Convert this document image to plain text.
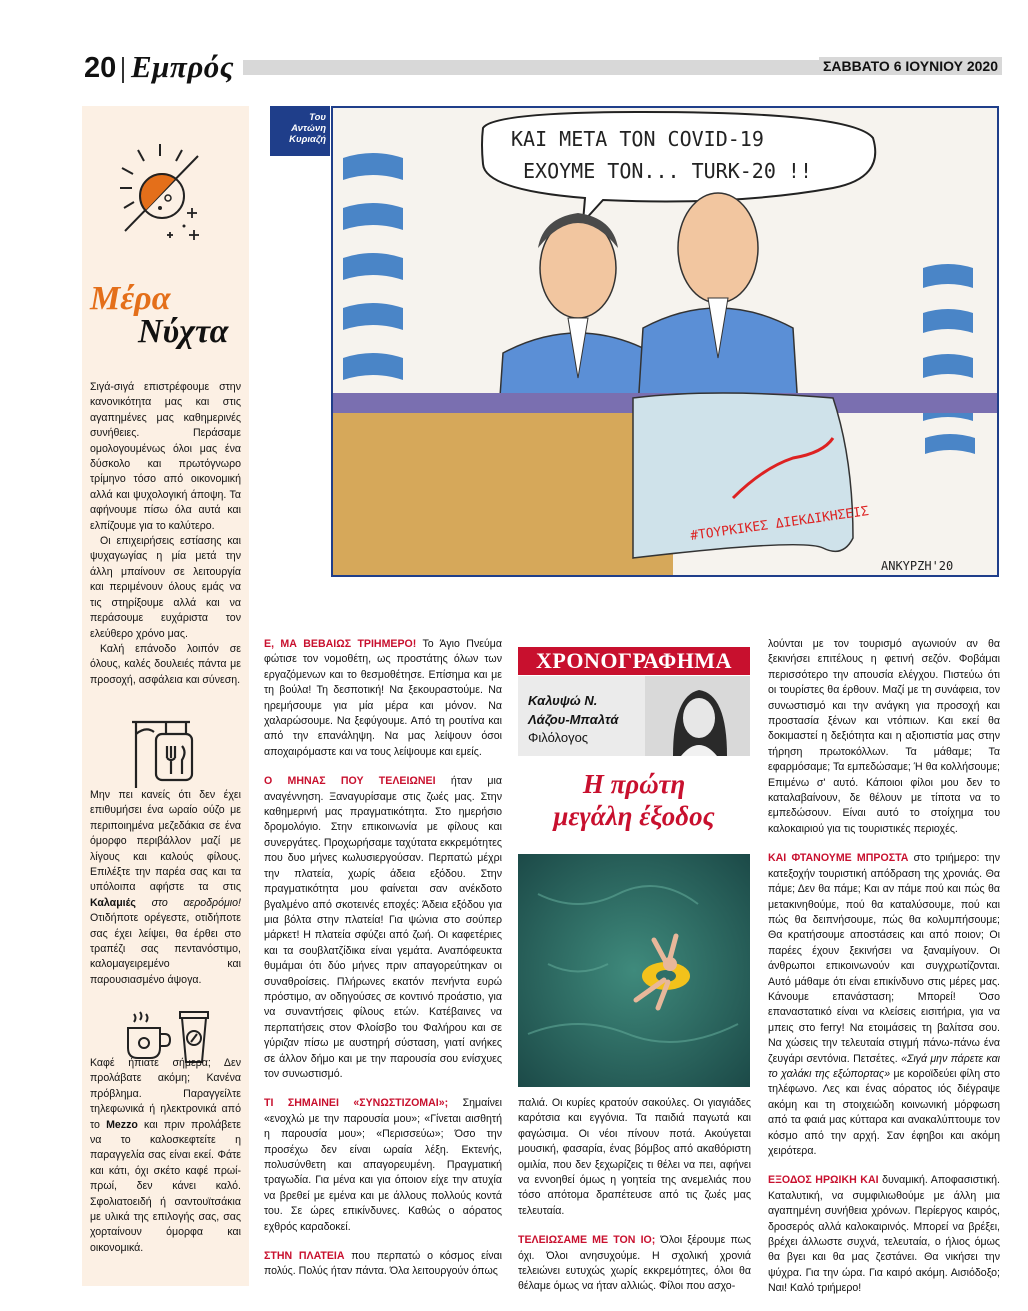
20 Εμπρός	ΣΑΒΒΑΤΟ 6 ΙΟΥΝΙΟΥ 2020

Σιγά-σιγά επιστρέφουμε στην κανονικότητα μας και στις αγαπημένες μας καθημερινές συνήθειες. Περάσαμε ομολογουμένως όλοι μας ένα δύσκολο και πρωτόγνωρο τρίμηνο τόσο από οικονομική αλλά και ψυχολογική άποψη. Τα αφήνουμε πίσω όλα αυτά και ελπίζουμε για το καλύτερο.

Οι επιχειρήσεις εστίασης και ψυχαγωγίας η μία μετά την άλλη μπαίνουν σε λειτουργία και περιμένουν όλους εμάς να τις στηρίξουμε αλλά και να περάσουμε ευχάριστα τον ελεύθερο χρόνο μας.

Καλή επάνοδο λοιπόν σε όλους, καλές δουλειές πάντα με προσοχή, ασφάλεια και σύνεση.

Μην πει κανείς ότι δεν έχει επιθυμήσει ένα ωραίο ούζο με περιποιημένα μεζεδάκια σε ένα όμορφο περιβάλλον μαζί με λίγους και καλούς φίλους. Επιλέξτε την παρέα σας και τα υπόλοιπα αφήστε τα στις Καλαμιές στο αεροδρόμιο! Οτιδήποτε ορέγεστε, οτιδήποτε σας έχει λείψει, θα έρθει στο τραπέζι σας πεντανόστιμο, καλομαγειρεμένο και παρουσιασμένο άψογα.

Καφέ ήπιατε σήμερα; Δεν προλάβατε ακόμη; Κανένα πρόβλημα. Παραγγείλτε τηλεφωνικά ή ηλεκτρονικά από το Mezzo και πριν προλάβετε να το καλοσκεφτείτε η παραγγελία σας είναι εκεί. Φάτε και κάτι, όχι σκέτο καφέ πρωί-πρωί, δεν κάνει καλό. Σφολιατοειδή ή σαντουϊτσάκια με υλικά της επιλογής σας, σας χορταίνουν όμορφα και οικονομικά.

Μέρα
Νύχτα
Του
Αντώνη
Κυριαζή	ΚΑΙ ΜΕΤΑ ΤΟΝ COVID-19
ΕΧΟΥΜΕ ΤΟΝ... TURK-20 !!
#ΤΟΥΡΚΙΚΕΣ ΔΙΕΚΔΙΚΗΣΕΙΣ
ΑΝΚΥΡΖΗ'20

Ε, ΜΑ ΒΕΒΑΙΩΣ ΤΡΙΗΜΕΡΟ! Το Άγιο Πνεύμα φώτισε τον νομοθέτη, ως προστάτης όλων των εργαζόμενων και το θεσμοθέτησε. Επίσημα και με τη βούλα! Τη δεσποτική! Να ξεκουραστούμε. Να ηρεμήσουμε για μία μέρα και μόνον. Να χαλαρώσουμε. Να ξεφύγουμε. Από τη ρουτίνα και από την επανάληψη. Να μας λείψουν όσοι αποχαιρόμαστε και να τους λείψουμε και εμείς.

Ο ΜΗΝΑΣ ΠΟΥ ΤΕΛΕΙΩΝΕΙ ήταν μια αναγέννηση. Ξαναγυρίσαμε στις ζωές μας. Στην καθημερινή μας πραγματικότητα. Στο ημερήσιο δρομολόγιο. Στην επικοινωνία με φίλους και συνεργάτες. Προχωρήσαμε ταχύτατα εκκρεμότητες που δυο μήνες κωλυσιεργούσαν. Περπατώ μέχρι την πλατεία, χωρίς άδεια εξόδου. Στην πραγματικότητα μου φαίνεται σαν ανέκδοτο βγαλμένο από σκοτεινές εποχές: Άδεια εξόδου για μια βόλτα στην πλατεία! Για ψώνια στο σούπερ μάρκετ! Η πλατεία σφύζει από ζωή. Οι καφετέριες και τα σουβλατζίδικα είναι γεμάτα. Αναπόφευκτα θυμάμαι ότι δύο μήνες πριν απαγορεύτηκαν οι συναθροίσεις. Πλήρωνες εκατόν πενήντα ευρώ πρόστιμο, αν οδηγούσες σε κοντινό προάστιο, για να συναντήσεις φίλους ετών. Κατέβαινες να περπατήσεις στον Φλοίσβο του Φαλήρου και σε γύριζαν πίσω με αυστηρή σύσταση, γιατί ανήκες σε άλλον δήμο και με την παρουσία σου ενίσχυες τον συνωστισμό.

ΤΙ ΣΗΜΑΙΝΕΙ «ΣΥΝΩΣΤΙΖΟΜΑΙ»; Σημαίνει «ενοχλώ με την παρουσία μου»; «Γίνεται αισθητή η παρουσία μου»; «Περισσεύω»; Όσο την προσέχω δεν είναι ωραία λέξη. Εκτενής, πολυσύνθετη και απαγορευμένη. Πραγματική τραγωδία. Για μένα και για όποιον είχε την ατυχία να βρεθεί με εμένα και με άλλους πολλούς κοντά του. Σε ώρες επικίνδυνες. Καθώς ο αόρατος εχθρός καραδοκεί.

ΣΤΗΝ ΠΛΑΤΕΙΑ που περπατώ ο κόσμος είναι πολύς. Πολύς ήταν πάντα. Όλα λειτουργούν όπως

ΧΡΟΝΟΓΡΑΦΗΜΑ
Καλυψώ Ν.
Λάζου-Μπαλτά
Φιλόλογος
Η πρώτη
μεγάλη έξοδος

παλιά. Οι κυρίες κρατούν σακούλες. Οι γιαγιάδες καρότσια και εγγόνια. Τα παιδιά παγωτά και φαγώσιμα. Οι νέοι πίνουν ποτά. Ακούγεται μουσική, φασαρία, ένας βόμβος από ακαθόριστη ομιλία, που δεν ξεχωρίζεις τι θέλει να πει, αφήνει να εννοηθεί όμως η γοητεία της ανεμελιάς που τόσο απότομα δραπέτευσε από τις ζωές μας τελευταία.

ΤΕΛΕΙΩΣΑΜΕ ΜΕ ΤΟΝ ΙΟ; Όλοι ξέρουμε πως όχι. Όλοι ανησυχούμε. Η σχολική χρονιά τελειώνει ευτυχώς χωρίς εκκρεμότητες, όλοι θα θέλαμε όμως να ήταν αλλιώς. Φίλοι που ασχο-

λούνται με τον τουρισμό αγωνιούν αν θα ξεκινήσει επιτέλους η φετινή σεζόν. Φοβάμαι περισσότερο την απουσία ελέγχου. Πιστεύω ότι οι τουρίστες θα έρθουν. Μαζί με τη συνάφεια, τον συνωστισμό και την ανάγκη για προσοχή και προστασία ξένων και ντόπιων. Και εκεί θα δοκιμαστεί η δεξιότητα και η αξιοπιστία μας στην τήρηση πρωτοκόλλων. Τα μάθαμε; Τα εφαρμόσαμε; Τα εμπεδώσαμε; Ή θα κολλήσουμε; Επιμένω σ' αυτό. Κάποιοι φίλοι μου δεν το καταλαβαίνουν, δε θέλουν με τίποτα να το εμπεδώσουν. Είναι αυτό το στοίχημα του καλοκαιριού για τις τουριστικές περιοχές.

ΚΑΙ ΦΤΑΝΟΥΜΕ ΜΠΡΟΣΤΑ στο τριήμερο: την κατεξοχήν τουριστική απόδραση της χρονιάς. Θα πάμε; Δεν θα πάμε; Και αν πάμε πού και πώς θα μετακινηθούμε, πού θα καταλύσουμε, πού και πώς θα δειπνήσουμε, πώς θα κολυμπήσουμε; Θα κρατήσουμε αποστάσεις και από ποιον; Οι παρέες έχουν ξεκινήσει να ξαναμίγουν. Οι άνθρωποι επικοινωνούν και συγχρωτίζονται. Αυτό μάθαμε ότι είναι επικίνδυνο στις μέρες μας. Κάνουμε επανάσταση; Μπορεί! Όσο επαναστατικό είναι να κλείσεις εισιτήρια, για να μπεις στο ferry! Να ετοιμάσεις τη βαλίτσα σου. Να χώσεις την τελευταία στιγμή πάνω-πάνω ένα ζευγάρι σεντόνια. Πετσέτες. «Σιγά μην πάρετε και το χαλάκι της εξώπορτας» με κοροϊδεύει φίλη στο τηλέφωνο. Λες και ένας αόρατος ιός διέγραψε ακόμη και τη στοιχειώδη κοινωνική μόρφωση από τα φαιά μας κύτταρα και ανακαλύπτουμε τον κόσμο από την αρχή. Σαν έφηβοι και ακόμη χειρότερα.

ΕΞΟΔΟΣ ΗΡΩΙΚΗ ΚΑΙ δυναμική. Αποφασιστική. Καταλυτική, να συμφιλιωθούμε με άλλη μια αγαπημένη συνήθεια χρόνων. Περίεργος καιρός, δροσερός αλλά καλοκαιρινός. Μπορεί να βρέξει, βρέχει άλλωστε συχνά, τελευταία, ο ήλιος όμως θα βγει και θα μας ζεστάνει. Θα νικήσει την ψύχρα. Για την ώρα. Για καιρό ακόμη. Αισιόδοξο; Ναι! Καλό τριήμερο!
